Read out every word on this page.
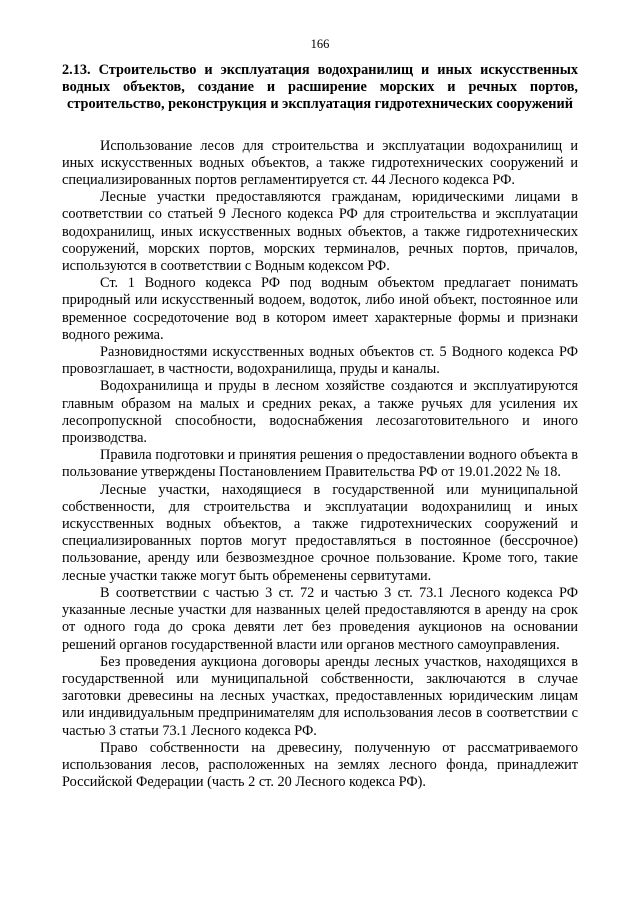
166
2.13. Строительство и эксплуатация водохранилищ и иных искусственных водных объектов, создание и расширение морских и речных портов, строительство, реконструкция и эксплуатация гидротехнических сооружений

Использование лесов для строительства и эксплуатации водохранилищ и иных искусственных водных объектов, а также гидротехнических сооружений и специализированных портов регламентируется ст. 44 Лесного кодекса РФ.

Лесные участки предоставляются гражданам, юридическими лицами в соответствии со статьей 9 Лесного кодекса РФ для строительства и эксплуатации водохранилищ, иных искусственных водных объектов, а также гидротехнических сооружений, морских портов, морских терминалов, речных портов, причалов, используются в соответствии с Водным кодексом РФ.

Ст. 1 Водного кодекса РФ под водным объектом предлагает понимать природный или искусственный водоем, водоток, либо иной объект, постоянное или временное сосредоточение вод в котором имеет характерные формы и признаки водного режима.

Разновидностями искусственных водных объектов ст. 5 Водного кодекса РФ провозглашает, в частности, водохранилища, пруды и каналы.

Водохранилища и пруды в лесном хозяйстве создаются и эксплуатируются главным образом на малых и средних реках, а также ручьях для усиления их лесопропускной способности, водоснабжения лесозаготовительного и иного производства.

Правила подготовки и принятия решения о предоставлении водного объекта в пользование утверждены Постановлением Правительства РФ от 19.01.2022 № 18.

Лесные участки, находящиеся в государственной или муниципальной собственности, для строительства и эксплуатации водохранилищ и иных искусственных водных объектов, а также гидротехнических сооружений и специализированных портов могут предоставляться в постоянное (бессрочное) пользование, аренду или безвозмездное срочное пользование. Кроме того, такие лесные участки также могут быть обременены сервитутами.

В соответствии с частью 3 ст. 72 и частью 3 ст. 73.1 Лесного кодекса РФ указанные лесные участки для названных целей предоставляются в аренду на срок от одного года до срока девяти лет без проведения аукционов на основании решений органов государственной власти или органов местного самоуправления.

Без проведения аукциона договоры аренды лесных участков, находящихся в государственной или муниципальной собственности, заключаются в случае заготовки древесины на лесных участках, предоставленных юридическим лицам или индивидуальным предпринимателям для использования лесов в соответствии с частью 3 статьи 73.1 Лесного кодекса РФ.

Право собственности на древесину, полученную от рассматриваемого использования лесов, расположенных на землях лесного фонда, принадлежит Российской Федерации (часть 2 ст. 20 Лесного кодекса РФ).
